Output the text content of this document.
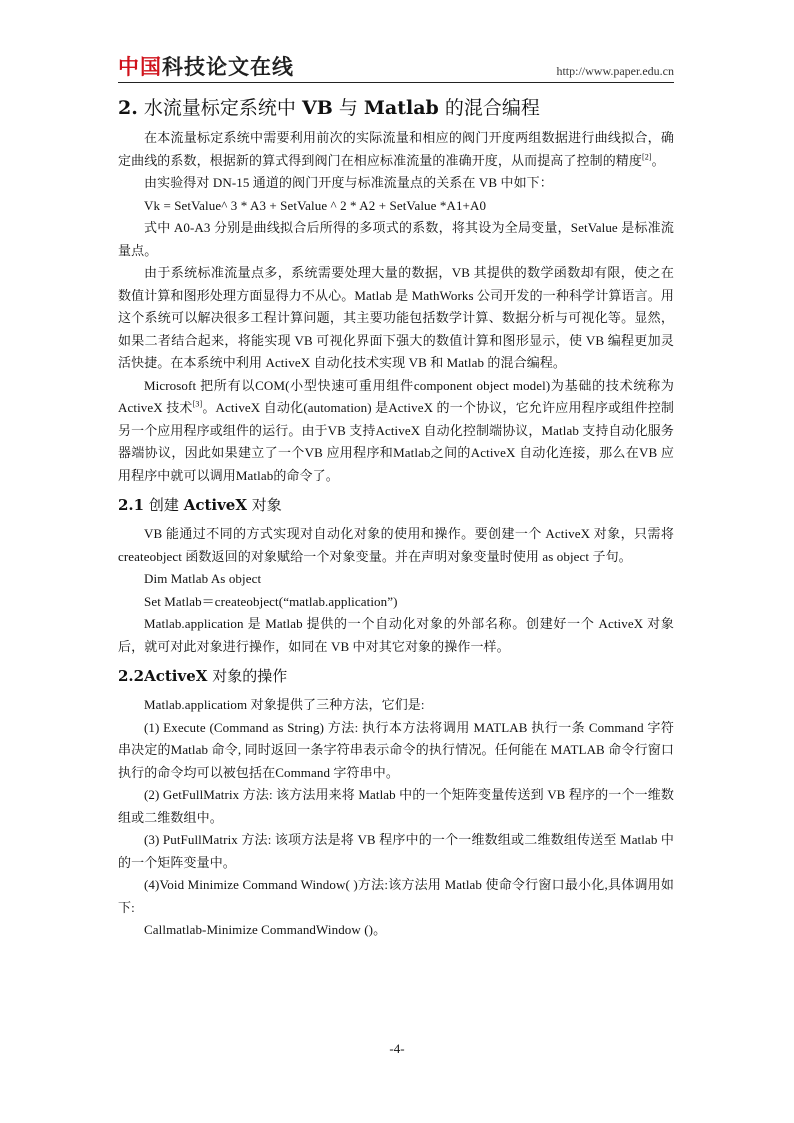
中国科技论文在线	http://www.paper.edu.cn
2. 水流量标定系统中 VB 与 Matlab 的混合编程

在本流量标定系统中需要利用前次的实际流量和相应的阀门开度两组数据进行曲线拟合，确定曲线的系数，根据新的算式得到阀门在相应标准流量的准确开度，从而提高了控制的精度[2]。

由实验得对 DN-15 通道的阀门开度与标准流量点的关系在 VB 中如下：

Vk = SetValue^ 3 * A3 + SetValue ^ 2 * A2 + SetValue *A1+A0

式中 A0-A3 分别是曲线拟合后所得的多项式的系数，将其设为全局变量，SetValue 是标准流量点。

由于系统标准流量点多，系统需要处理大量的数据，VB 其提供的数学函数却有限，使之在数值计算和图形处理方面显得力不从心。Matlab 是 MathWorks 公司开发的一种科学计算语言。用这个系统可以解决很多工程计算问题，其主要功能包括数学计算、数据分析与可视化等。显然，如果二者结合起来，将能实现 VB 可视化界面下强大的数值计算和图形显示，使 VB 编程更加灵活快捷。在本系统中利用 ActiveX 自动化技术实现 VB 和 Matlab 的混合编程。

Microsoft 把所有以COM(小型快速可重用组件component object model)为基础的技术统称为ActiveX 技术[3]。ActiveX 自动化(automation) 是ActiveX 的一个协议，它允许应用程序或组件控制另一个应用程序或组件的运行。由于VB 支持ActiveX 自动化控制端协议，Matlab 支持自动化服务器端协议，因此如果建立了一个VB 应用程序和Matlab之间的ActiveX 自动化连接，那么在VB 应用程序中就可以调用Matlab的命令了。

2.1 创建 ActiveX 对象

VB 能通过不同的方式实现对自动化对象的使用和操作。要创建一个 ActiveX 对象，只需将 createobject 函数返回的对象赋给一个对象变量。并在声明对象变量时使用 as object 子句。

Dim Matlab As object

Set Matlab＝createobject(“matlab.application”)

Matlab.application 是 Matlab 提供的一个自动化对象的外部名称。创建好一个 ActiveX 对象后，就可对此对象进行操作，如同在 VB 中对其它对象的操作一样。

2.2ActiveX 对象的操作

Matlab.applicatiom 对象提供了三种方法，它们是:

(1) Execute (Command as String) 方法: 执行本方法将调用 MATLAB 执行一条 Command 字符串决定的Matlab 命令, 同时返回一条字符串表示命令的执行情况。任何能在 MATLAB 命令行窗口执行的命令均可以被包括在Command 字符串中。

(2) GetFullMatrix 方法: 该方法用来将 Matlab 中的一个矩阵变量传送到 VB 程序的一个一维数组或二维数组中。

(3) PutFullMatrix 方法: 该项方法是将 VB 程序中的一个一维数组或二维数组传送至 Matlab 中的一个矩阵变量中。

(4)Void Minimize Command Window( )方法:该方法用 Matlab 使命令行窗口最小化,具体调用如下:

Callmatlab-Minimize CommandWindow ()。

-4-
